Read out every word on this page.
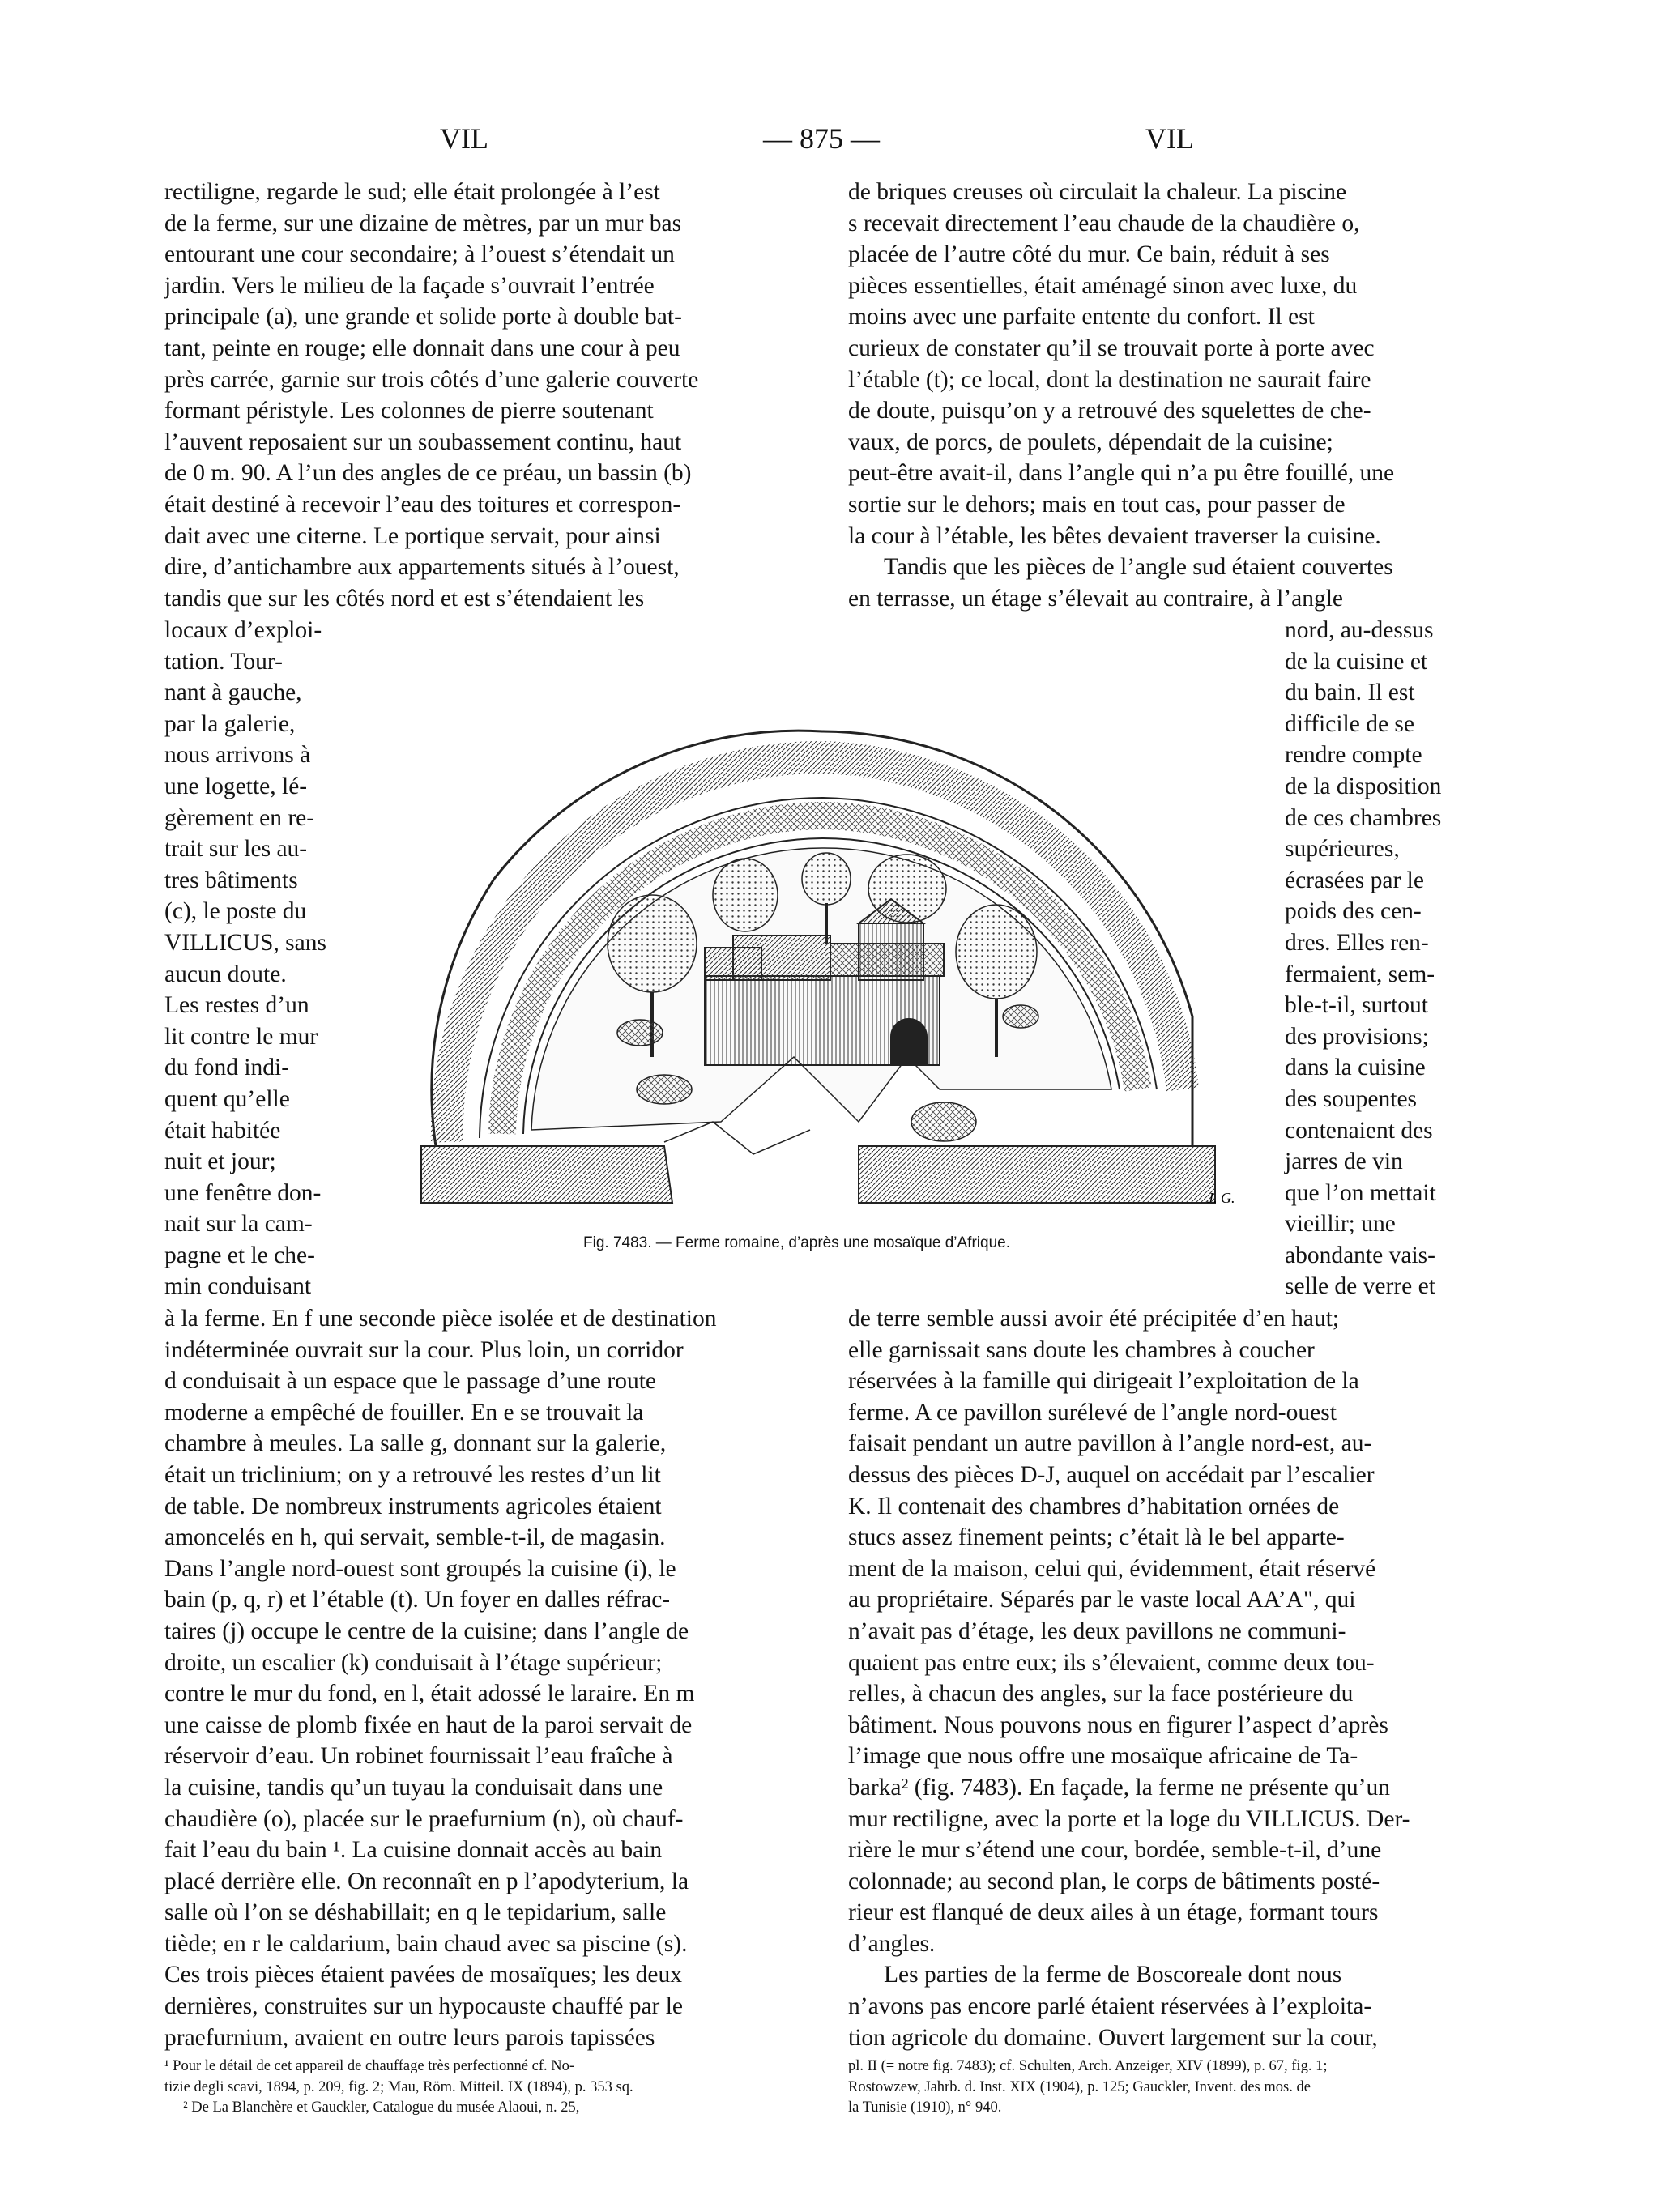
VIL	— 875 —	VIL
rectiligne, regarde le sud; elle était prolongée à l’est
de la ferme, sur une dizaine de mètres, par un mur bas
entourant une cour secondaire; à l’ouest s’étendait un
jardin. Vers le milieu de la façade s’ouvrait l’entrée
principale (a), une grande et solide porte à double bat-
tant, peinte en rouge; elle donnait dans une cour à peu
près carrée, garnie sur trois côtés d’une galerie couverte
formant péristyle. Les colonnes de pierre soutenant
l’auvent reposaient sur un soubassement continu, haut
de 0 m. 90. A l’un des angles de ce préau, un bassin (b)
était destiné à recevoir l’eau des toitures et correspon-
dait avec une citerne. Le portique servait, pour ainsi
dire, d’antichambre aux appartements situés à l’ouest,
tandis que sur les côtés nord et est s’étendaient les
locaux d’exploi-
tation. Tour-
nant à gauche,
par la galerie,
nous arrivons à
une logette, lé-
gèrement en re-
trait sur les au-
tres bâtiments
(c), le poste du
VILLICUS, sans
aucun doute.
Les restes d’un
lit contre le mur
du fond indi-
quent qu’elle
était habitée
nuit et jour;
une fenêtre don-
nait sur la cam-
pagne et le che-
min conduisant
à la ferme. En f une seconde pièce isolée et de destination
indéterminée ouvrait sur la cour. Plus loin, un corridor
d conduisait à un espace que le passage d’une route
moderne a empêché de fouiller. En e se trouvait la
chambre à meules. La salle g, donnant sur la galerie,
était un triclinium; on y a retrouvé les restes d’un lit
de table. De nombreux instruments agricoles étaient
amoncelés en h, qui servait, semble-t-il, de magasin.
Dans l’angle nord-ouest sont groupés la cuisine (i), le
bain (p, q, r) et l’étable (t). Un foyer en dalles réfrac-
taires (j) occupe le centre de la cuisine; dans l’angle de
droite, un escalier (k) conduisait à l’étage supérieur;
contre le mur du fond, en l, était adossé le laraire. En m
une caisse de plomb fixée en haut de la paroi servait de
réservoir d’eau. Un robinet fournissait l’eau fraîche à
la cuisine, tandis qu’un tuyau la conduisait dans une
chaudière (o), placée sur le praefurnium (n), où chauf-
fait l’eau du bain ¹. La cuisine donnait accès au bain
placé derrière elle. On reconnaît en p l’apodyterium, la
salle où l’on se déshabillait; en q le tepidarium, salle
tiède; en r le caldarium, bain chaud avec sa piscine (s).
Ces trois pièces étaient pavées de mosaïques; les deux
dernières, construites sur un hypocauste chauffé par le
praefurnium, avaient en outre leurs parois tapissées
¹ Pour le détail de cet appareil de chauffage très perfectionné cf. No-
tizie degli scavi, 1894, p. 209, fig. 2; Mau, Röm. Mitteil. IX (1894), p. 353 sq.
— ² De La Blanchère et Gauckler, Catalogue du musée Alaoui, n. 25,
de briques creuses où circulait la chaleur. La piscine
s recevait directement l’eau chaude de la chaudière o,
placée de l’autre côté du mur. Ce bain, réduit à ses
pièces essentielles, était aménagé sinon avec luxe, du
moins avec une parfaite entente du confort. Il est
curieux de constater qu’il se trouvait porte à porte avec
l’étable (t); ce local, dont la destination ne saurait faire
de doute, puisqu’on y a retrouvé des squelettes de che-
vaux, de porcs, de poulets, dépendait de la cuisine;
peut-être avait-il, dans l’angle qui n’a pu être fouillé, une
sortie sur le dehors; mais en tout cas, pour passer de
la cour à l’étable, les bêtes devaient traverser la cuisine.
Tandis que les pièces de l’angle sud étaient couvertes
en terrasse, un étage s’élevait au contraire, à l’angle
nord, au-dessus
de la cuisine et
du bain. Il est
difficile de se
rendre compte
de la disposition
de ces chambres
supérieures,
écrasées par le
poids des cen-
dres. Elles ren-
fermaient, sem-
ble-t-il, surtout
des provisions;
dans la cuisine
des soupentes
contenaient des
jarres de vin
que l’on mettait
vieillir; une
abondante vais-
selle de verre et
de terre semble aussi avoir été précipitée d’en haut;
elle garnissait sans doute les chambres à coucher
réservées à la famille qui dirigeait l’exploitation de la
ferme. A ce pavillon surélevé de l’angle nord-ouest
faisait pendant un autre pavillon à l’angle nord-est, au-
dessus des pièces D-J, auquel on accédait par l’escalier
K. Il contenait des chambres d’habitation ornées de
stucs assez finement peints; c’était là le bel apparte-
ment de la maison, celui qui, évidemment, était réservé
au propriétaire. Séparés par le vaste local AA’A", qui
n’avait pas d’étage, les deux pavillons ne communi-
quaient pas entre eux; ils s’élevaient, comme deux tou-
relles, à chacun des angles, sur la face postérieure du
bâtiment. Nous pouvons nous en figurer l’aspect d’après
l’image que nous offre une mosaïque africaine de Ta-
barka² (fig. 7483). En façade, la ferme ne présente qu’un
mur rectiligne, avec la porte et la loge du VILLICUS. Der-
rière le mur s’étend une cour, bordée, semble-t-il, d’une
colonnade; au second plan, le corps de bâtiments posté-
rieur est flanqué de deux ailes à un étage, formant tours
d’angles.
Les parties de la ferme de Boscoreale dont nous
n’avons pas encore parlé étaient réservées à l’exploita-
tion agricole du domaine. Ouvert largement sur la cour,
pl. II (= notre fig. 7483); cf. Schulten, Arch. Anzeiger, XIV (1899), p. 67, fig. 1;
Rostowzew, Jahrb. d. Inst. XIX (1904), p. 125; Gauckler, Invent. des mos. de
la Tunisie (1910), n° 940.
J. G.
Fig. 7483. — Ferme romaine, d’après une mosaïque d’Afrique.
